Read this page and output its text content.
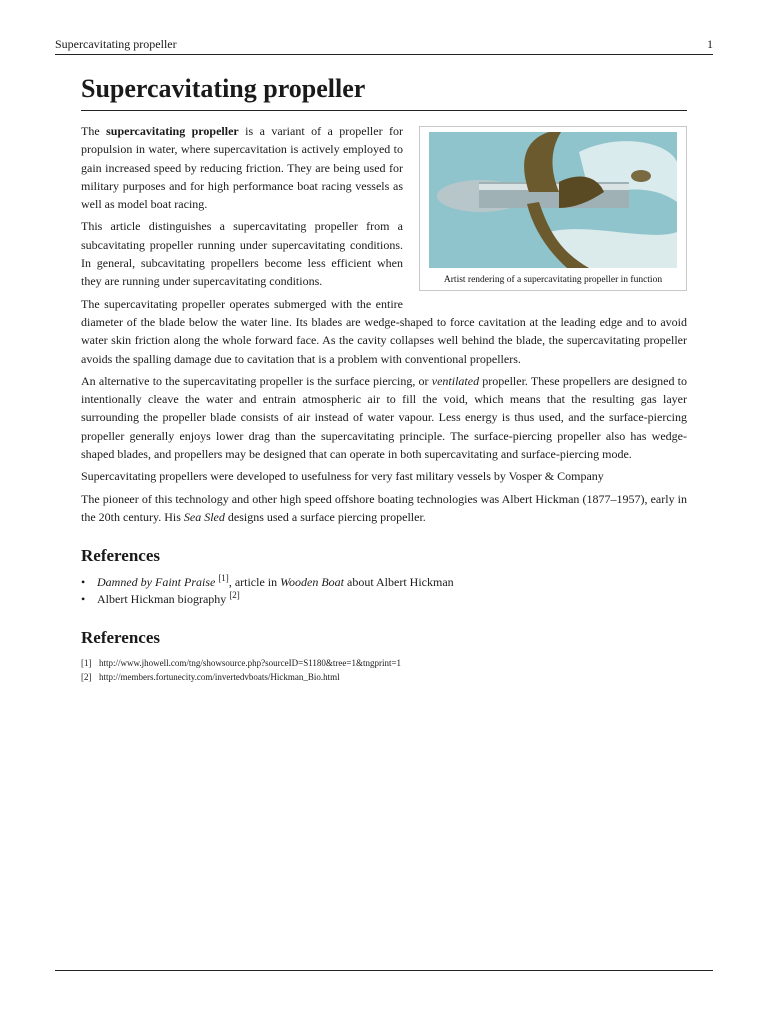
Supercavitating propeller	1
Supercavitating propeller
Artist rendering of a supercavitating propeller in function

The supercavitating propeller is a variant of a propeller for propulsion in water, where supercavitation is actively employed to gain increased speed by reducing friction. They are being used for military purposes and for high performance boat racing vessels as well as model boat racing.

This article distinguishes a supercavitating propeller from a subcavitating propeller running under supercavitating conditions. In general, subcavitating propellers become less efficient when they are running under supercavitating conditions.

The supercavitating propeller operates submerged with the entire diameter of the blade below the water line. Its blades are wedge-shaped to force cavitation at the leading edge and to avoid water skin friction along the whole forward face. As the cavity collapses well behind the blade, the supercavitating propeller avoids the spalling damage due to cavitation that is a problem with conventional propellers.

An alternative to the supercavitating propeller is the surface piercing, or ventilated propeller. These propellers are designed to intentionally cleave the water and entrain atmospheric air to fill the void, which means that the resulting gas layer surrounding the propeller blade consists of air instead of water vapour. Less energy is thus used, and the surface-piercing propeller generally enjoys lower drag than the supercavitating principle. The surface-piercing propeller also has wedge-shaped blades, and propellers may be designed that can operate in both supercavitating and surface-piercing mode.

Supercavitating propellers were developed to usefulness for very fast military vessels by Vosper & Company

The pioneer of this technology and other high speed offshore boating technologies was Albert Hickman (1877–1957), early in the 20th century. His Sea Sled designs used a surface piercing propeller.

References
• Damned by Faint Praise [1], article in Wooden Boat about Albert Hickman
• Albert Hickman biography [2]
References
[1] http://www.jhowell.com/tng/showsource.php?sourceID=S1180&tree=1&tngprint=1
[2] http://members.fortunecity.com/invertedvboats/Hickman_Bio.html
